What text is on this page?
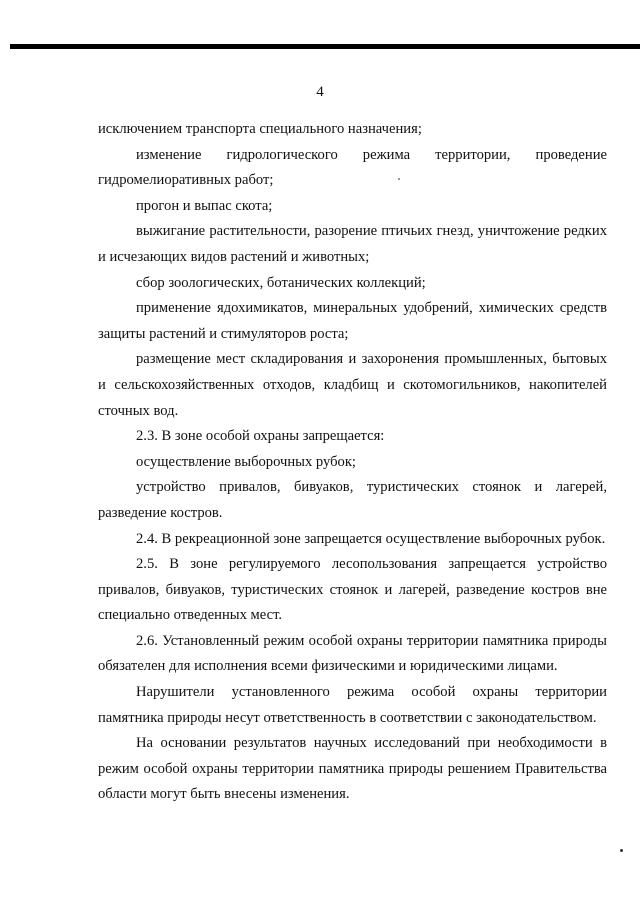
4

исключением транспорта специального назначения;

изменение гидрологического режима территории, проведение гидромелиоративных работ;

прогон и выпас скота;

выжигание растительности, разорение птичьих гнезд, уничтожение редких и исчезающих видов растений и животных;

сбор зоологических, ботанических коллекций;

применение ядохимикатов, минеральных удобрений, химических средств защиты растений и стимуляторов роста;

размещение мест складирования и захоронения промышленных, бытовых и сельскохозяйственных отходов, кладбищ и скотомогильников, накопителей сточных вод.

2.3. В зоне особой охраны запрещается:

осуществление выборочных рубок;

устройство привалов, бивуаков, туристических стоянок и лагерей, разведение костров.

2.4. В рекреационной зоне запрещается осуществление выборочных рубок.

2.5. В зоне регулируемого лесопользования запрещается устройство привалов, бивуаков, туристических стоянок и лагерей, разведение костров вне специально отведенных мест.

2.6. Установленный режим особой охраны территории памятника природы обязателен для исполнения всеми физическими и юридическими лицами.

Нарушители установленного режима особой охраны территории памятника природы несут ответственность в соответствии с законодательством.

На основании результатов научных исследований при необходимости в режим особой охраны территории памятника природы решением Правительства области могут быть внесены изменения.
